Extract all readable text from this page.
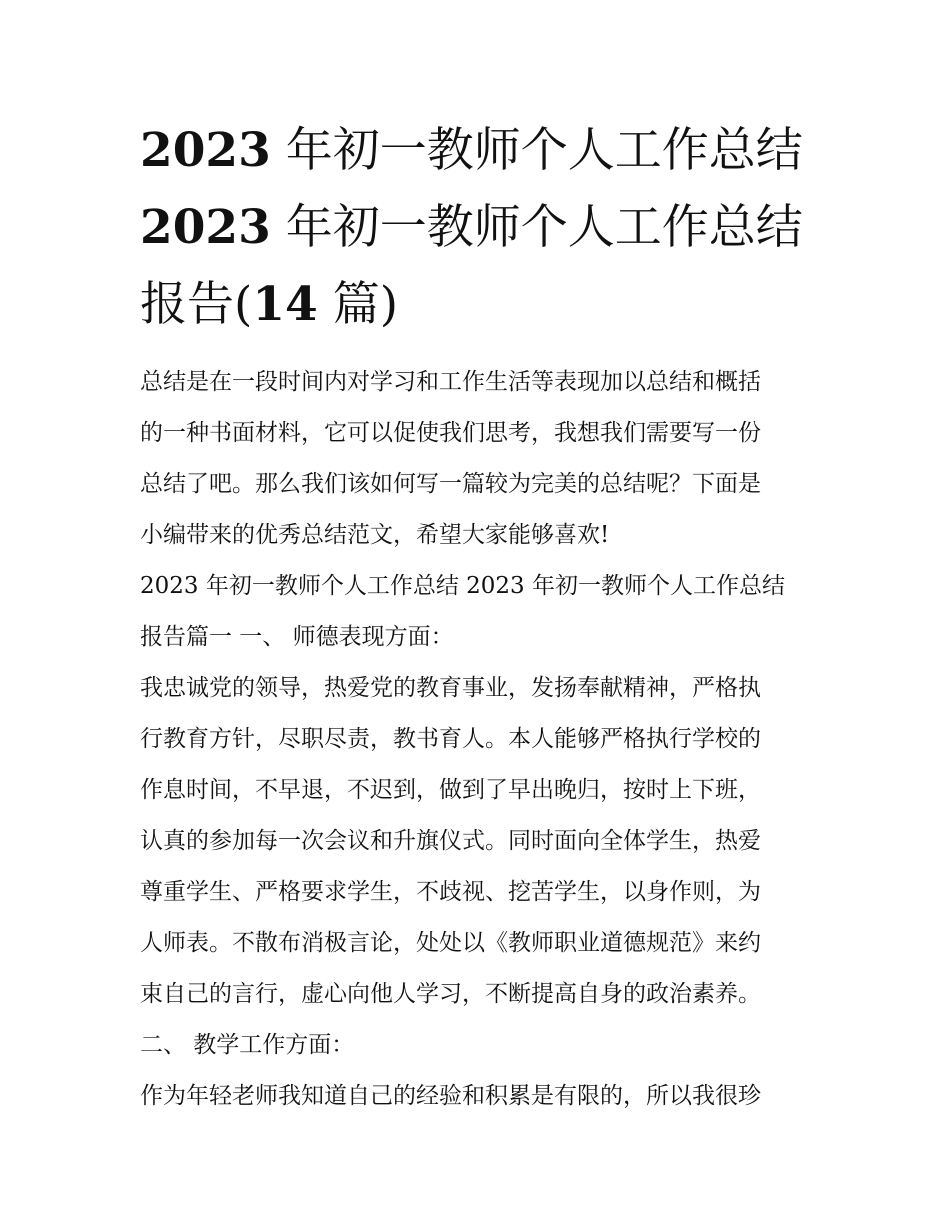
2023 年初一教师个人工作总结
2023 年初一教师个人工作总结
报告(14 篇)

总结是在一段时间内对学习和工作生活等表现加以总结和概括
的一种书面材料，它可以促使我们思考，我想我们需要写一份
总结了吧。那么我们该如何写一篇较为完美的总结呢？下面是
小编带来的优秀总结范文，希望大家能够喜欢!

2023 年初一教师个人工作总结 2023 年初一教师个人工作总结
报告篇一 一、 师德表现方面：

我忠诚党的领导，热爱党的教育事业，发扬奉献精神，严格执
行教育方针，尽职尽责，教书育人。本人能够严格执行学校的
作息时间，不早退，不迟到，做到了早出晚归，按时上下班，
认真的参加每一次会议和升旗仪式。同时面向全体学生，热爱
尊重学生、严格要求学生，不歧视、挖苦学生，以身作则，为
人师表。不散布消极言论，处处以《教师职业道德规范》来约
束自己的言行，虚心向他人学习，不断提高自身的政治素养。

二、 教学工作方面：

作为年轻老师我知道自己的经验和积累是有限的，所以我很珍
